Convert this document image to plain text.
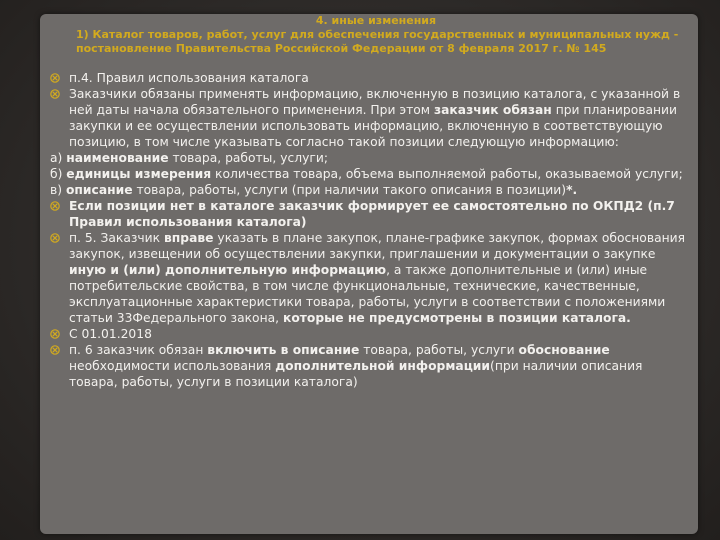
4. иные изменения
1) Каталог товаров, работ, услуг для обеспечения государственных и муниципальных нужд - постановление Правительства Российской Федерации от 8 февраля 2017 г. № 145
п.4. Правил использования каталога
Заказчики обязаны применять информацию, включенную в позицию каталога, с указанной в ней даты начала обязательного применения. При этом заказчик обязан при планировании закупки и ее осуществлении использовать информацию, включенную в соответствующую позицию, в том числе указывать согласно такой позиции следующую информацию:
а) наименование товара, работы, услуги;
б) единицы измерения количества товара, объема выполняемой работы, оказываемой услуги;
в) описание товара, работы, услуги (при наличии такого описания в позиции)*.
Если позиции нет в каталоге заказчик формирует ее самостоятельно по ОКПД2 (п.7 Правил использования каталога)
п. 5. Заказчик вправе указать в плане закупок, плане-графике закупок, формах обоснования закупок, извещении об осуществлении закупки, приглашении и документации о закупке иную и (или) дополнительную информацию, а также дополнительные и (или) иные потребительские свойства, в том числе функциональные, технические, качественные, эксплуатационные характеристики товара, работы, услуги в соответствии с положениями статьи 33Федерального закона, которые не предусмотрены в позиции каталога.
С 01.01.2018
п. 6 заказчик обязан включить в описание товара, работы, услуги обоснование необходимости использования дополнительной информации(при наличии описания товара, работы, услуги в позиции каталога)
